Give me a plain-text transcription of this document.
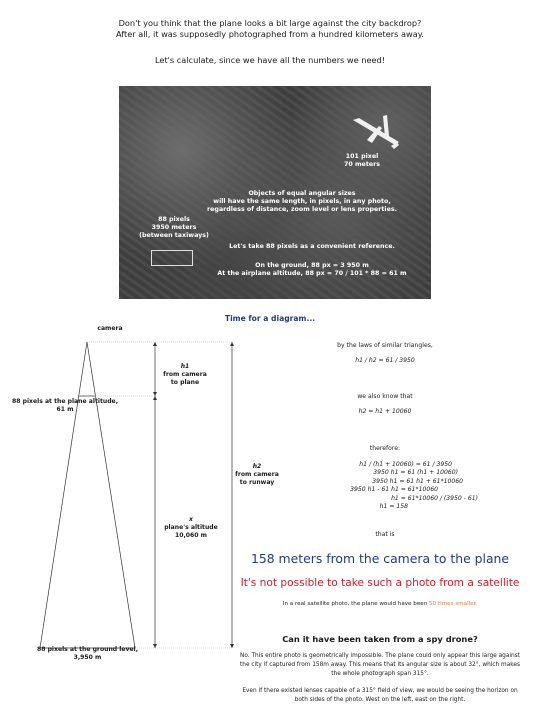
Don't you think that the plane looks a bit large against the city backdrop?
After all, it was supposedly photographed from a hundred kilometers away.
Let's calculate, since we have all the numbers we need!
101 pixel
70 meters
Objects of equal angular sizes
will have the same length, in pixels, in any photo,
regardless of distance, zoom level or lens properties.
88 pixels
3950 meters
(between taxiways)
Let's take 88 pixels as a convenient reference.
On the ground, 88 px = 3 950 m
At the airplane altitude, 88 px = 70 / 101 * 88 = 61 m
Time for a diagram...
camera
88 pixels at the plane altitude,
61 m
h1
from camera
to plane
h2
from camera
to runway
x
plane's altitude
10,060 m
88 pixels at the ground level,
3,950 m
by the laws of similar triangles,
h1 / h2 = 61 / 3950
we also know that
h2 = h1 + 10060
therefore:
h1 / (h1 + 10060) = 61 / 3950
3950 h1 = 61 (h1 + 10060)
3950 h1 = 61 h1 + 61*10060
3950 h1 - 61 h1 = 61*10060
h1 = 61*10060 / (3950 - 61)
h1 = 158
that is
158 meters from the camera to the plane
It's not possible to take such a photo from a satellite
In a real satellite photo, the plane would have been 50 times smaller.
Can it have been taken from a spy drone?
No. This entire photo is geometrically impossible. The plane could only appear this large against the city if captured from 158m away. This means that its angular size is about 32°, which makes the whole photograph span 315°.
Even if there existed lenses capable of a 315° field of view, we would be seeing the horizon on both sides of the photo. West on the left, east on the right.
